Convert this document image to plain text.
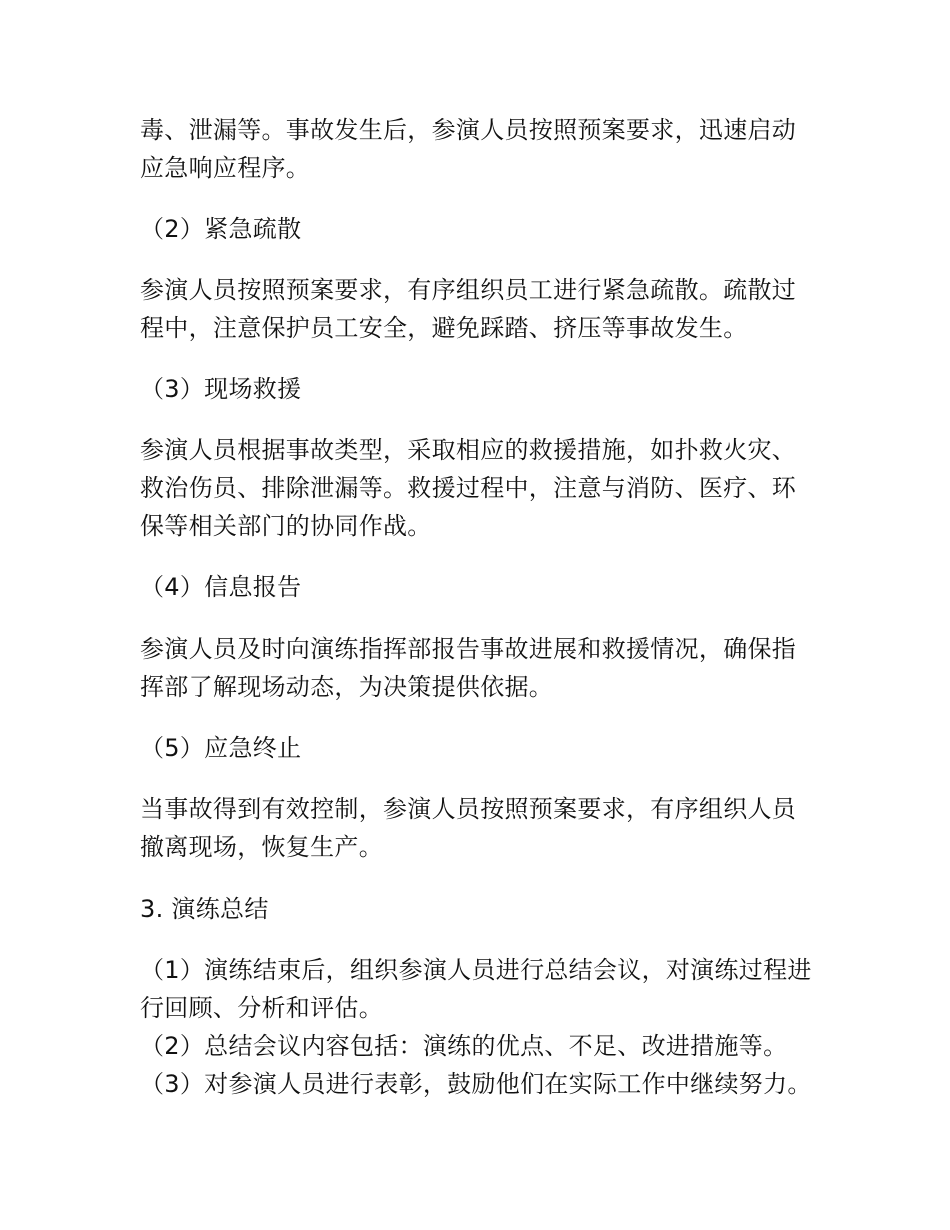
毒、泄漏等。事故发生后，参演人员按照预案要求，迅速启动应急响应程序。

（2）紧急疏散

参演人员按照预案要求，有序组织员工进行紧急疏散。疏散过程中，注意保护员工安全，避免踩踏、挤压等事故发生。

（3）现场救援

参演人员根据事故类型，采取相应的救援措施，如扑救火灾、救治伤员、排除泄漏等。救援过程中，注意与消防、医疗、环保等相关部门的协同作战。

（4）信息报告

参演人员及时向演练指挥部报告事故进展和救援情况，确保指挥部了解现场动态，为决策提供依据。

（5）应急终止

当事故得到有效控制，参演人员按照预案要求，有序组织人员撤离现场，恢复生产。

3. 演练总结

（1）演练结束后，组织参演人员进行总结会议，对演练过程进行回顾、分析和评估。

（2）总结会议内容包括：演练的优点、不足、改进措施等。

（3）对参演人员进行表彰，鼓励他们在实际工作中继续努力。
